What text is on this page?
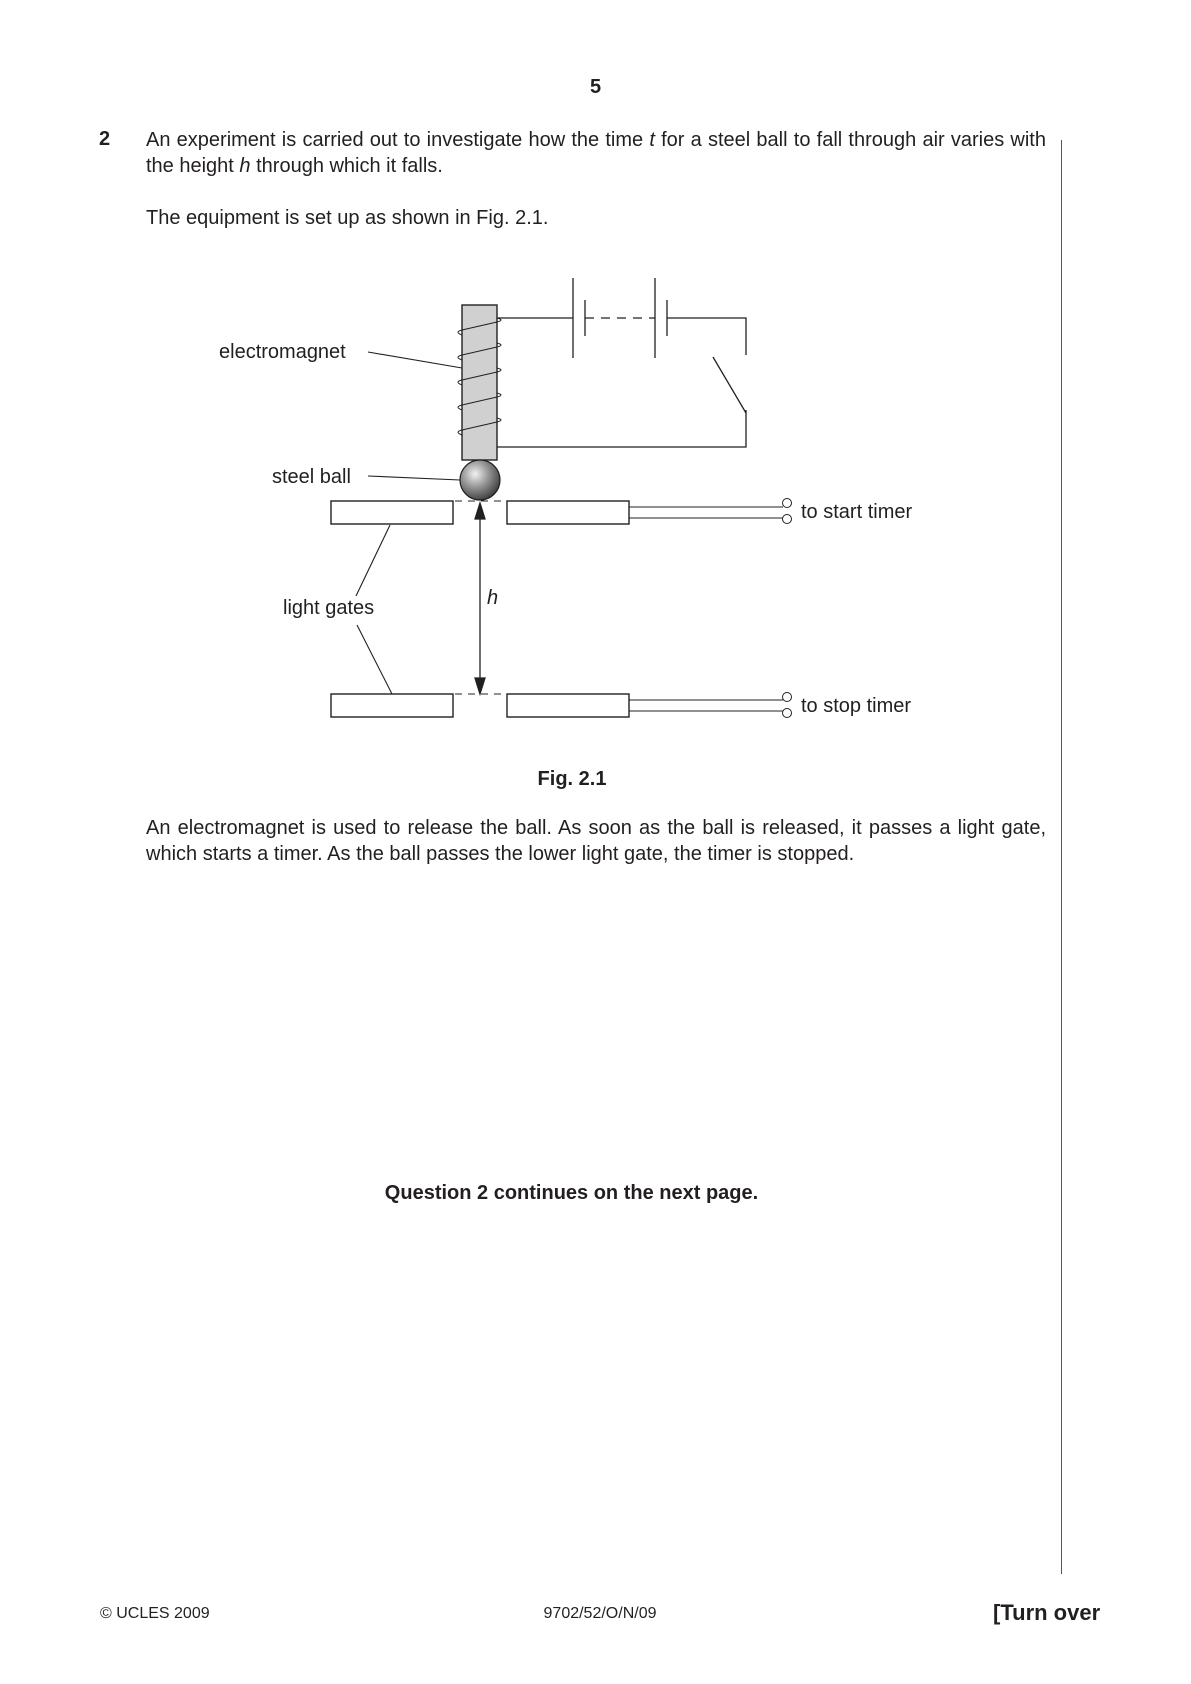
5
2 An experiment is carried out to investigate how the time t for a steel ball to fall through air varies with the height h through which it falls.
The equipment is set up as shown in Fig. 2.1.
electromagnet
steel ball
light gates	h
to start timer
to stop timer
Fig. 2.1
An electromagnet is used to release the ball. As soon as the ball is released, it passes a light gate, which starts a timer. As the ball passes the lower light gate, the timer is stopped.
Question 2 continues on the next page.
© UCLES 2009	9702/52/O/N/09	[Turn over
